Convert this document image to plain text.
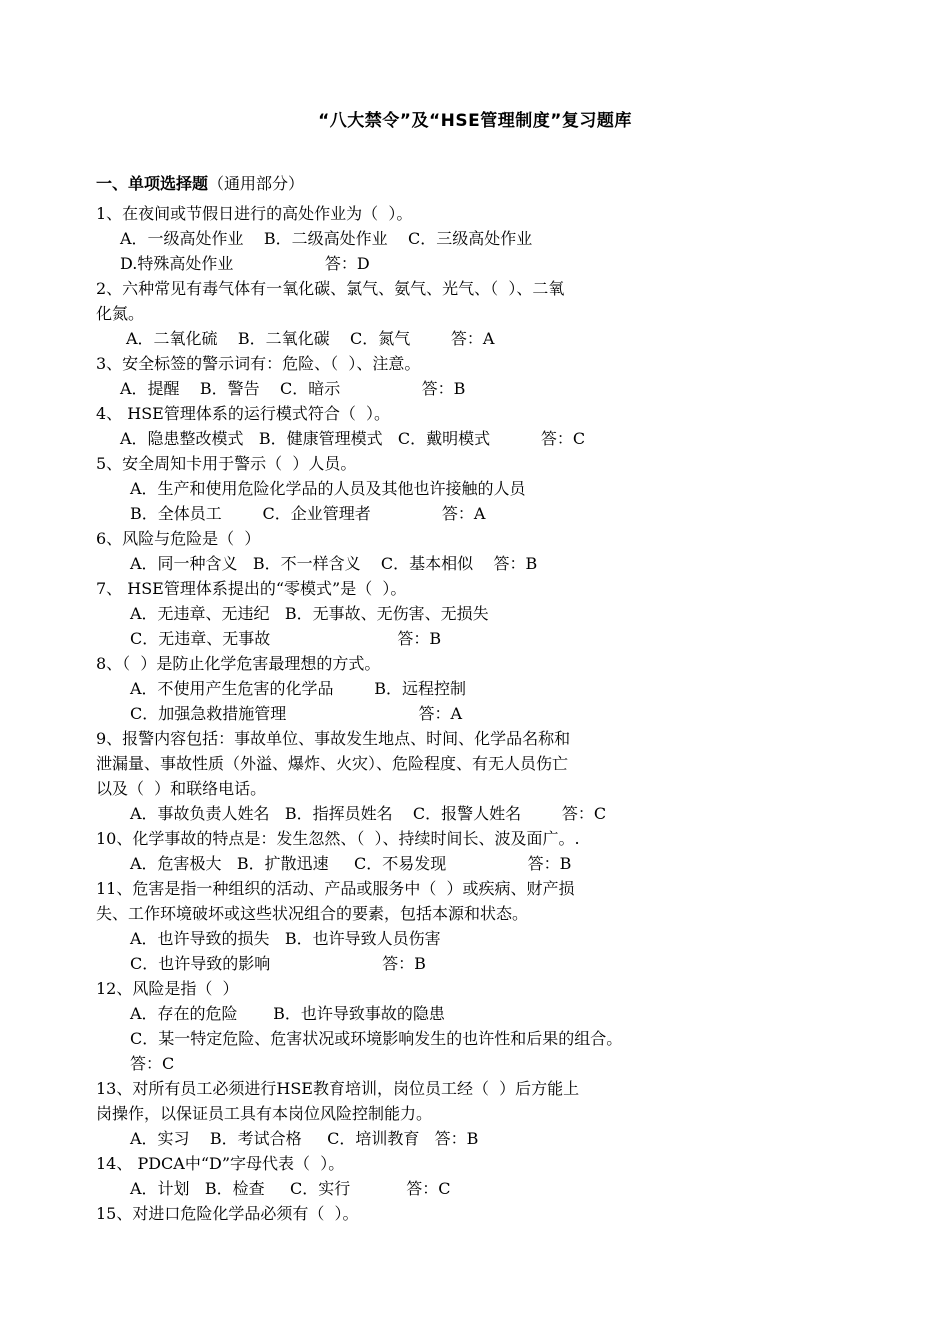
“八大禁令”及“HSE管理制度”复习题库
一、单项选择题（通用部分）
1、在夜间或节假日进行的高处作业为（  ）。
A．一级高处作业    B．二级高处作业    C．三级高处作业
D.特殊高处作业                  答：D
2、六种常见有毒气体有一氧化碳、氯气、氨气、光气、（  ）、二氧
化氮。
A．二氧化硫    B．二氧化碳    C．氮气        答：A
3、安全标签的警示词有：危险、（  ）、注意。
A．提醒    B．警告    C．暗示                答：B
4、 HSE管理体系的运行模式符合（  ）。
A．隐患整改模式   B．健康管理模式   C．戴明模式          答：C
5、安全周知卡用于警示（  ）人员。
A．生产和使用危险化学品的人员及其他也许接触的人员
B．全体员工        C．企业管理者              答：A
6、风险与危险是（  ）
A．同一种含义   B．不一样含义    C．基本相似    答：B
7、 HSE管理体系提出的“零模式”是（  ）。
A．无违章、无违纪   B．无事故、无伤害、无损失
C．无违章、无事故                         答：B
8、（  ）是防止化学危害最理想的方式。
A．不使用产生危害的化学品        B．远程控制
C．加强急救措施管理                          答：A
9、报警内容包括：事故单位、事故发生地点、时间、化学品名称和
泄漏量、事故性质（外溢、爆炸、火灾）、危险程度、有无人员伤亡
以及（  ）和联络电话。
A．事故负责人姓名   B．指挥员姓名    C．报警人姓名        答：C
10、化学事故的特点是：发生忽然、（  ）、持续时间长、波及面广。.
A．危害极大   B．扩散迅速     C．不易发现                答：B
11、危害是指一种组织的活动、产品或服务中（  ）或疾病、财产损
失、工作环境破坏或这些状况组合的要素，包括本源和状态。
A．也许导致的损失   B．也许导致人员伤害
C．也许导致的影响                      答：B
12、风险是指（  ）
A．存在的危险       B．也许导致事故的隐患
C．某一特定危险、危害状况或环境影响发生的也许性和后果的组合。
答：C
13、对所有员工必须进行HSE教育培训，岗位员工经（  ）后方能上
岗操作，以保证员工具有本岗位风险控制能力。
A．实习    B．考试合格     C．培训教育   答：B
14、 PDCA中“D”字母代表（  ）。
A．计划   B．检查     C．实行           答：C
15、对进口危险化学品必须有（  ）。
